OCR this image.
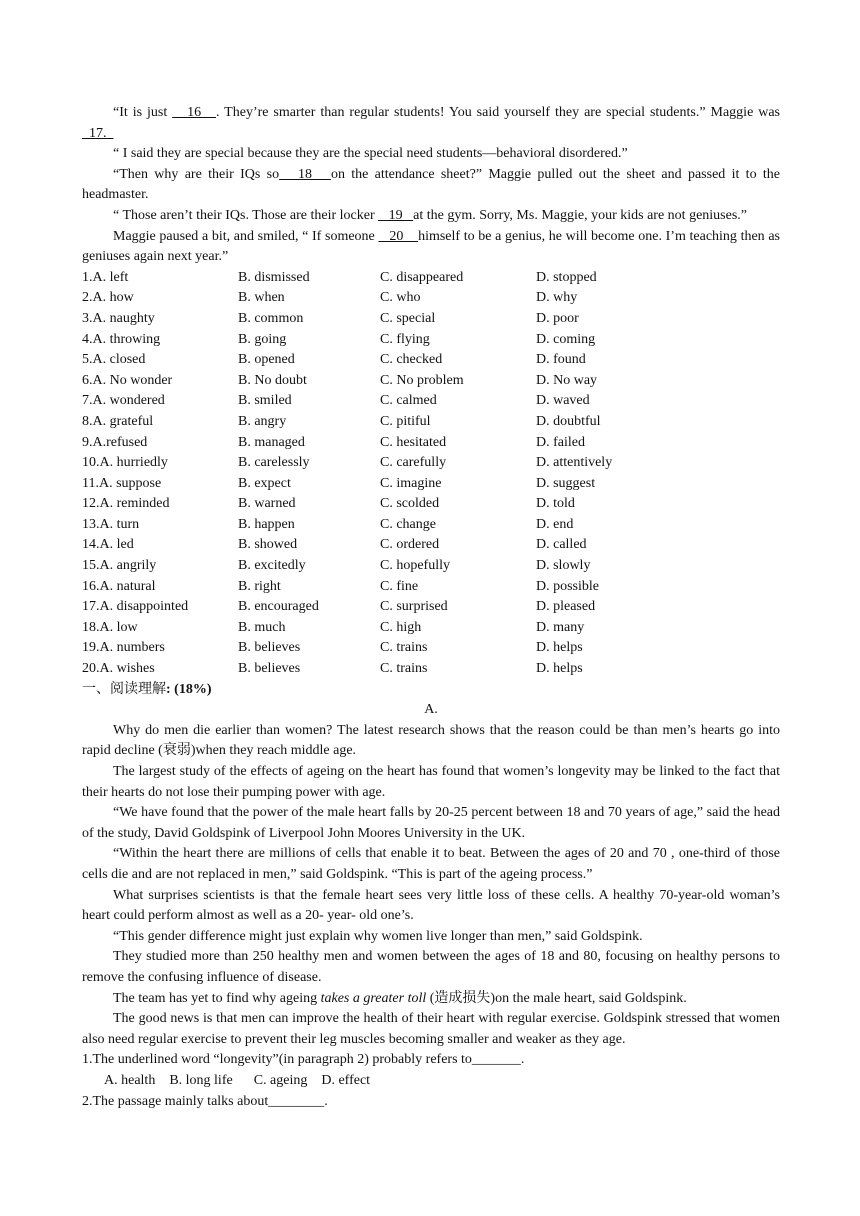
“It is just    16   . They’re smarter than regular students! You said yourself they are special students.” Maggie was   17.

“ I said they are special because they are the special need students—behavioral disordered.”

“Then why are their IQs so   18   on the attendance sheet?” Maggie pulled out the sheet and passed it to the headmaster.

“ Those aren’t their IQs. Those are their locker    19   at the gym. Sorry, Ms. Maggie, your kids are not geniuses.”

Maggie paused a bit, and smiled, “ If someone    20    himself to be a genius, he will become one. I’m teaching then as geniuses again next year.”

1.A. left	B. dismissed	C. disappeared	D. stopped
2.A. how	B. when	C. who	D. why
3.A. naughty	B. common	C. special	D. poor
4.A. throwing	B. going	C. flying	D. coming
5.A. closed	B. opened	C. checked	D. found
6.A. No wonder	B. No doubt	C. No problem	D. No way
7.A. wondered	B. smiled	C. calmed	D. waved
8.A. grateful	B. angry	C. pitiful	D. doubtful
9.A.refused	B. managed	C. hesitated	D. failed
10.A. hurriedly	B. carelessly	C. carefully	D. attentively
11.A. suppose	B. expect	C. imagine	D. suggest
12.A. reminded	B. warned	C. scolded	D. told
13.A. turn	B. happen	C. change	D. end
14.A. led	B. showed	C. ordered	D. called
15.A. angrily	B. excitedly	C. hopefully	D. slowly
16.A. natural	B. right	C. fine	D. possible
17.A. disappointed	B. encouraged	C. surprised	D. pleased
18.A. low	B. much	C. high	D. many
19.A. numbers	B. believes	C. trains	D. helps
20.A. wishes	B. believes	C. trains	D. helps

一、阅读理解: (18%)

A.

Why do men die earlier than women? The latest research shows that the reason could be than men’s hearts go into rapid decline (衰弱)when they reach middle age.

The largest study of the effects of ageing on the heart has found that women’s longevity may be linked to the fact that their hearts do not lose their pumping power with age.

“We have found that the power of the male heart falls by 20-25 percent between 18 and 70 years of age,” said the head of the study, David Goldspink of Liverpool John Moores University in the UK.

“Within the heart there are millions of cells that enable it to beat. Between the ages of 20 and 70 , one-third of those cells die and are not replaced in men,” said Goldspink. “This is part of the ageing process.”

What surprises scientists is that the female heart sees very little loss of these cells. A healthy 70-year-old woman’s heart could perform almost as well as a 20- year- old one’s.

“This gender difference might just explain why women live longer than men,” said Goldspink.

They studied more than 250 healthy men and women between the ages of 18 and 80, focusing on healthy persons to remove the confusing influence of disease.

The team has yet to find why ageing takes a greater toll (造成损失)on the male heart, said Goldspink.

The good news is that men can improve the health of their heart with regular exercise. Goldspink stressed that women also need regular exercise to prevent their leg muscles becoming smaller and weaker as they age.

1.The underlined word “longevity”(in paragraph 2) probably refers to_______.

A. health    B. long life      C. ageing    D. effect

2.The passage mainly talks about________.
